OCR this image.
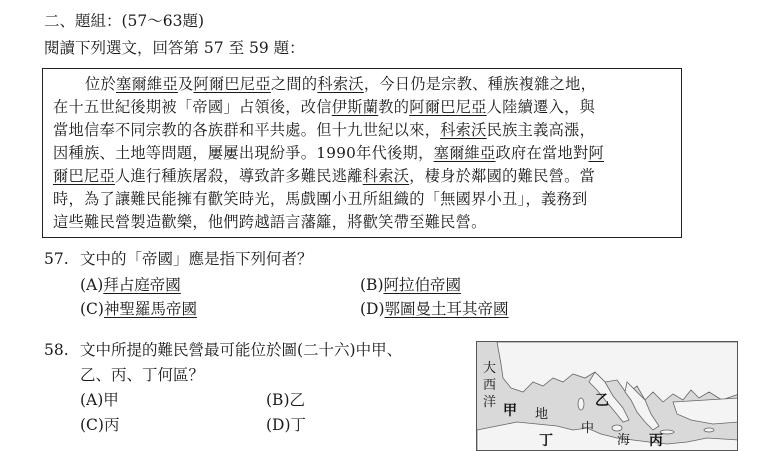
二、題組：(57～63題)
閱讀下列選文，回答第 57 至 59 題：
位於塞爾維亞及阿爾巴尼亞之間的科索沃，今日仍是宗教、種族複雜之地，
在十五世紀後期被「帝國」占領後，改信伊斯蘭教的阿爾巴尼亞人陸續遷入，與
當地信奉不同宗教的各族群和平共處。但十九世紀以來，科索沃民族主義高漲，
因種族、土地等問題，屢屢出現紛爭。1990年代後期，塞爾維亞政府在當地對阿
爾巴尼亞人進行種族屠殺，導致許多難民逃離科索沃，棲身於鄰國的難民營。當
時，為了讓難民能擁有歡笑時光，馬戲團小丑所組織的「無國界小丑」，義務到
這些難民營製造歡樂，他們跨越語言藩籬，將歡笑帶至難民營。
57. 文中的「帝國」應是指下列何者？
(A)拜占庭帝國	(B)阿拉伯帝國
(C)神聖羅馬帝國	(D)鄂圖曼土耳其帝國
58. 文中所提的難民營最可能位於圖(二十六)中甲、
乙、丙、丁何區？
(A)甲	(B)乙
(C)丙	(D)丁
大
西
洋
地
中
海
甲
乙
丙
丁
